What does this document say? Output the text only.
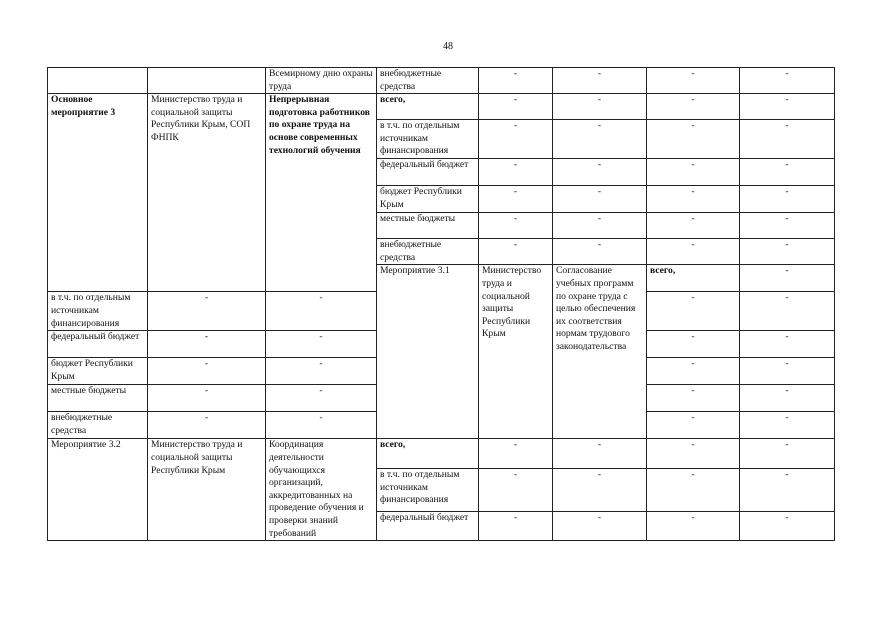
48
		Всемирному дню охраны труда	внебюджетные средства	-	-	-	-	
Основное мероприятие 3	Министерство труда и социальной защиты Республики Крым, СОП ФНПК	Непрерывная подготовка работников по охране труда на основе современных технологий обучения	всего,	-	-	-	-	
			в т.ч. по отдельным источникам финансирования	-	-	-	-	
			федеральный бюджет	-	-	-	-	
			бюджет Республики Крым	-	-	-	-	
			местные бюджеты	-	-	-	-	
			внебюджетные средства	-	-	-	-	
			Мероприятие 3.1	Министерство труда и социальной защиты Республики Крым	Согласование учебных программ по охране труда с целью обеспечения их соответствия нормам трудового законодательства	всего,	-			
в т.ч. по отдельным источникам финансирования	-	-				-	-	
федеральный бюджет	-	-				-	-	
бюджет Республики Крым	-	-				-	-	
местные бюджеты	-	-				-	-	
внебюджетные средства	-	-				-	-	
Мероприятие 3.2	Министерство труда и социальной защиты Республики Крым	Координация деятельности обучающихся организаций, аккредитованных на проведение обучения и проверки знаний требований	всего,	-	-	-	-	
			в т.ч. по отдельным источникам финансирования	-	-	-	-	
			федеральный бюджет	-	-	-	-	
